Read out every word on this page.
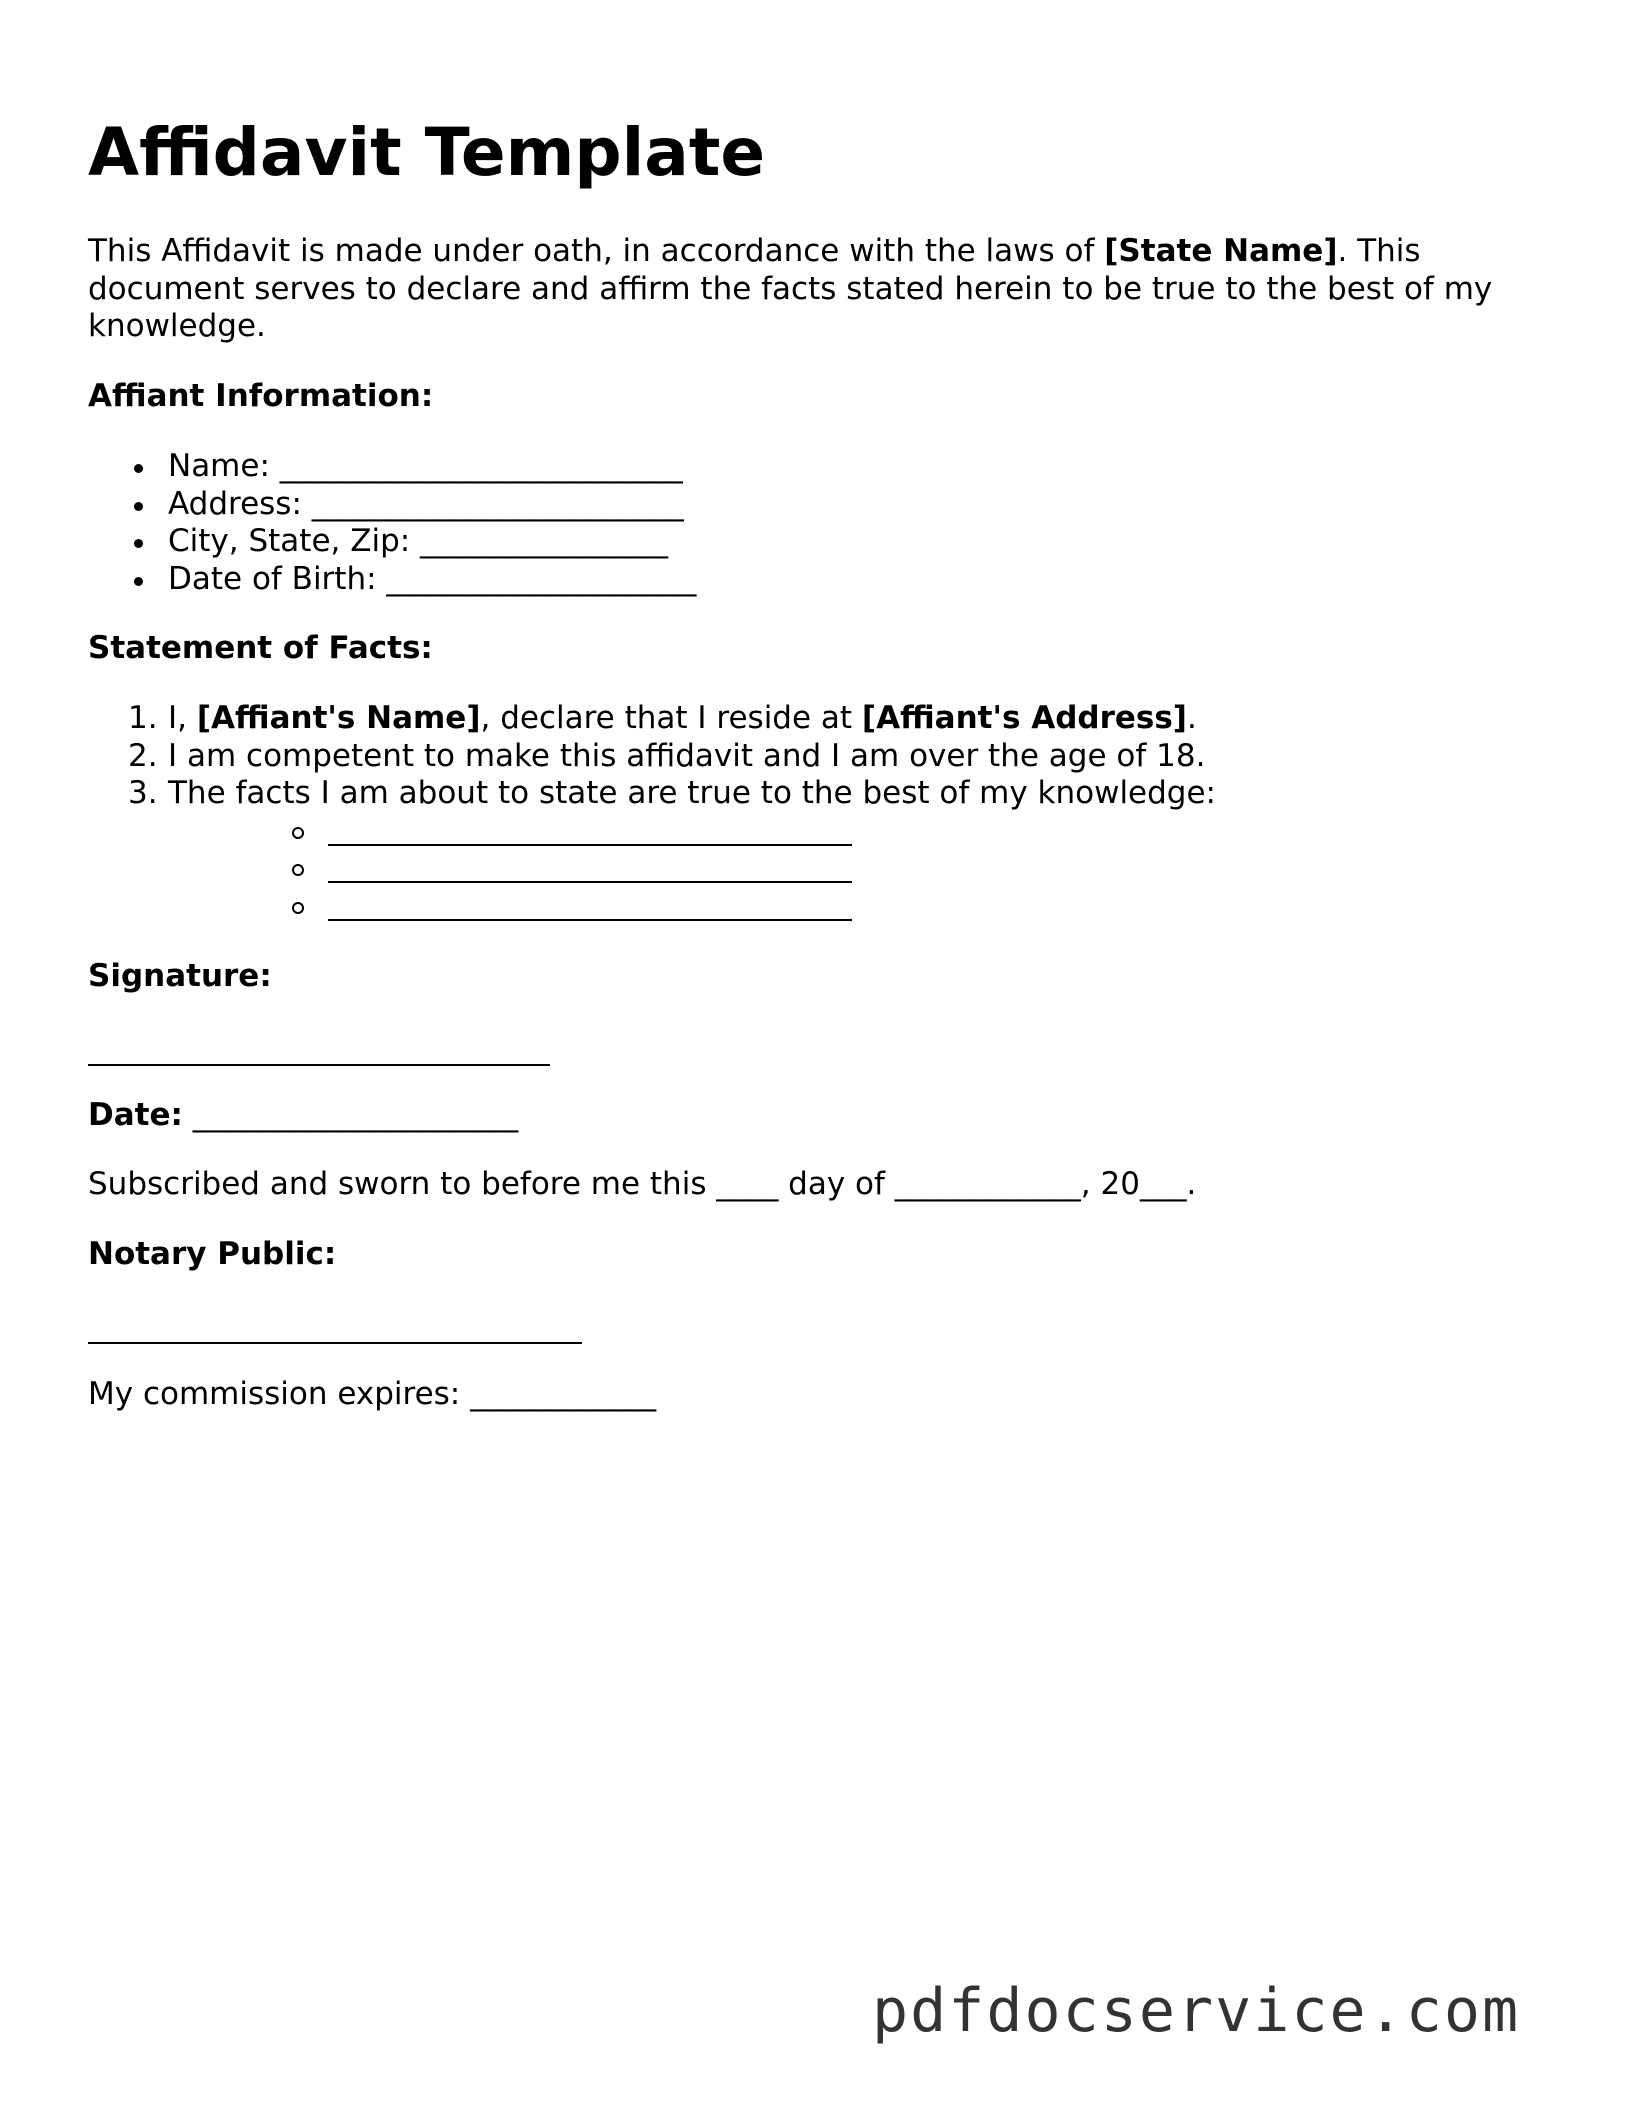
Affidavit Template

This Affidavit is made under oath, in accordance with the laws of [State Name]. This document serves to declare and affirm the facts stated herein to be true to the best of my knowledge.

Affiant Information:

Name: __________________________
Address: ________________________
City, State, Zip: ________________
Date of Birth: ____________________

Statement of Facts:

1. I, [Affiant's Name], declare that I reside at [Affiant's Address].
2. I am competent to make this affidavit and I am over the age of 18.
3. The facts I am about to state are true to the best of my knowledge:

Signature:

Date: _____________________

Subscribed and sworn to before me this ____ day of ____________, 20___.

Notary Public:

My commission expires: ____________

pdfdocservice.com
